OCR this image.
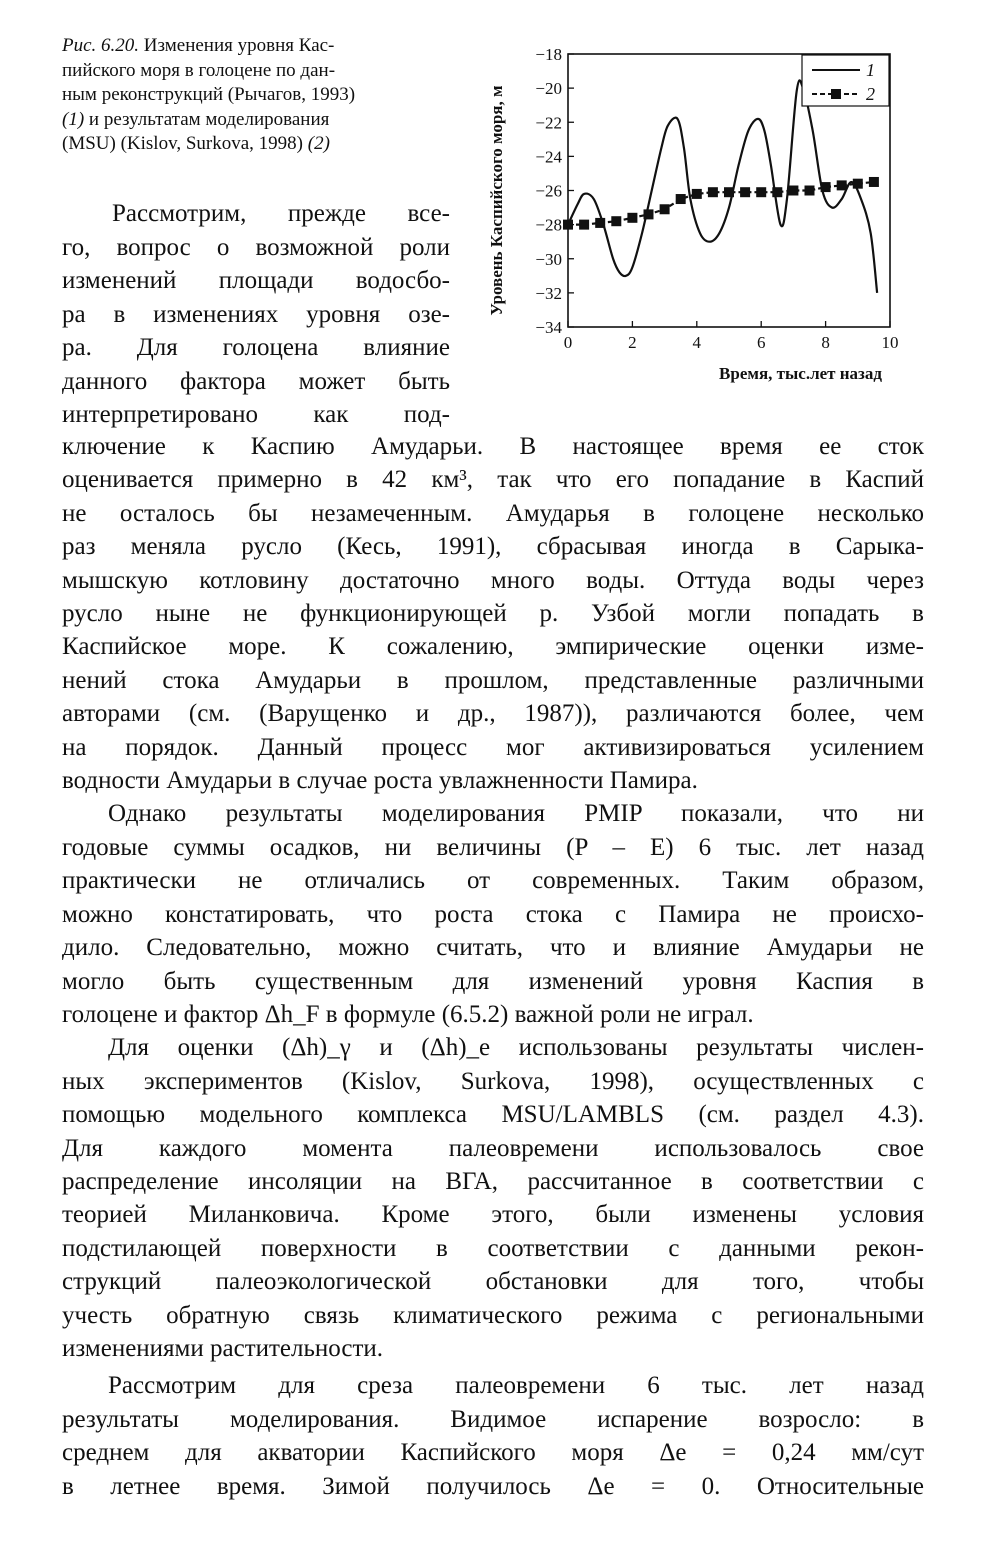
Рис. 6.20. Изменения уровня Кас-
пийского моря в голоцене по дан-
ным реконструкций (Рычагов, 1993)
(1) и результатам моделирования
(MSU) (Kislov, Surkova, 1998) (2)
−18
−20
−22
−24
−26
−28
−30
−32
−34
0	2	4	6	8	10
Время, тыс.лет назад
Уровень Каспийского моря, м
1
2
Рассмотрим, прежде все-
го, вопрос о возможной роли
изменений площади водосбо-
ра в изменениях уровня озе-
ра. Для голоцена влияние
данного фактора может быть
интерпретировано как под-
ключение к Каспию Амударьи. В настоящее время ее сток
оценивается примерно в 42 км³, так что его попадание в Каспий
не осталось бы незамеченным. Амударья в голоцене несколько
раз меняла русло (Кесь, 1991), сбрасывая иногда в Сарыка-
мышскую котловину достаточно много воды. Оттуда воды через
русло ныне не функционирующей р. Узбой могли попадать в
Каспийское море. К сожалению, эмпирические оценки изме-
нений стока Амударьи в прошлом, представленные различными
авторами (см. (Варущенко и др., 1987)), различаются более, чем
на порядок. Данный процесс мог активизироваться усилением
водности Амударьи в случае роста увлажненности Памира.
Однако результаты моделирования PMIP показали, что ни
годовые суммы осадков, ни величины (P – E) 6 тыс. лет назад
практически не отличались от современных. Таким образом,
можно констатировать, что роста стока с Памира не происхо-
дило. Следовательно, можно считать, что и влияние Амударьи не
могло быть существенным для изменений уровня Каспия в
голоцене и фактор Δh_F в формуле (6.5.2) важной роли не играл.
Для оценки (Δh)_γ и (Δh)_e использованы результаты числен-
ных экспериментов (Kislov, Surkova, 1998), осуществленных с
помощью модельного комплекса MSU/LAMBLS (см. раздел 4.3).
Для каждого момента палеовремени использовалось свое
распределение инсоляции на ВГА, рассчитанное в соответствии с
теорией Миланковича. Кроме этого, были изменены условия
подстилающей поверхности в соответствии с данными рекон-
струкций палеоэкологической обстановки для того, чтобы
учесть обратную связь климатического режима с региональными
изменениями растительности.
Рассмотрим для среза палеовремени 6 тыс. лет назад
результаты моделирования. Видимое испарение возросло: в
среднем для акватории Каспийского моря Δe = 0,24 мм/сут
в летнее время. Зимой получилось Δe = 0. Относительные
